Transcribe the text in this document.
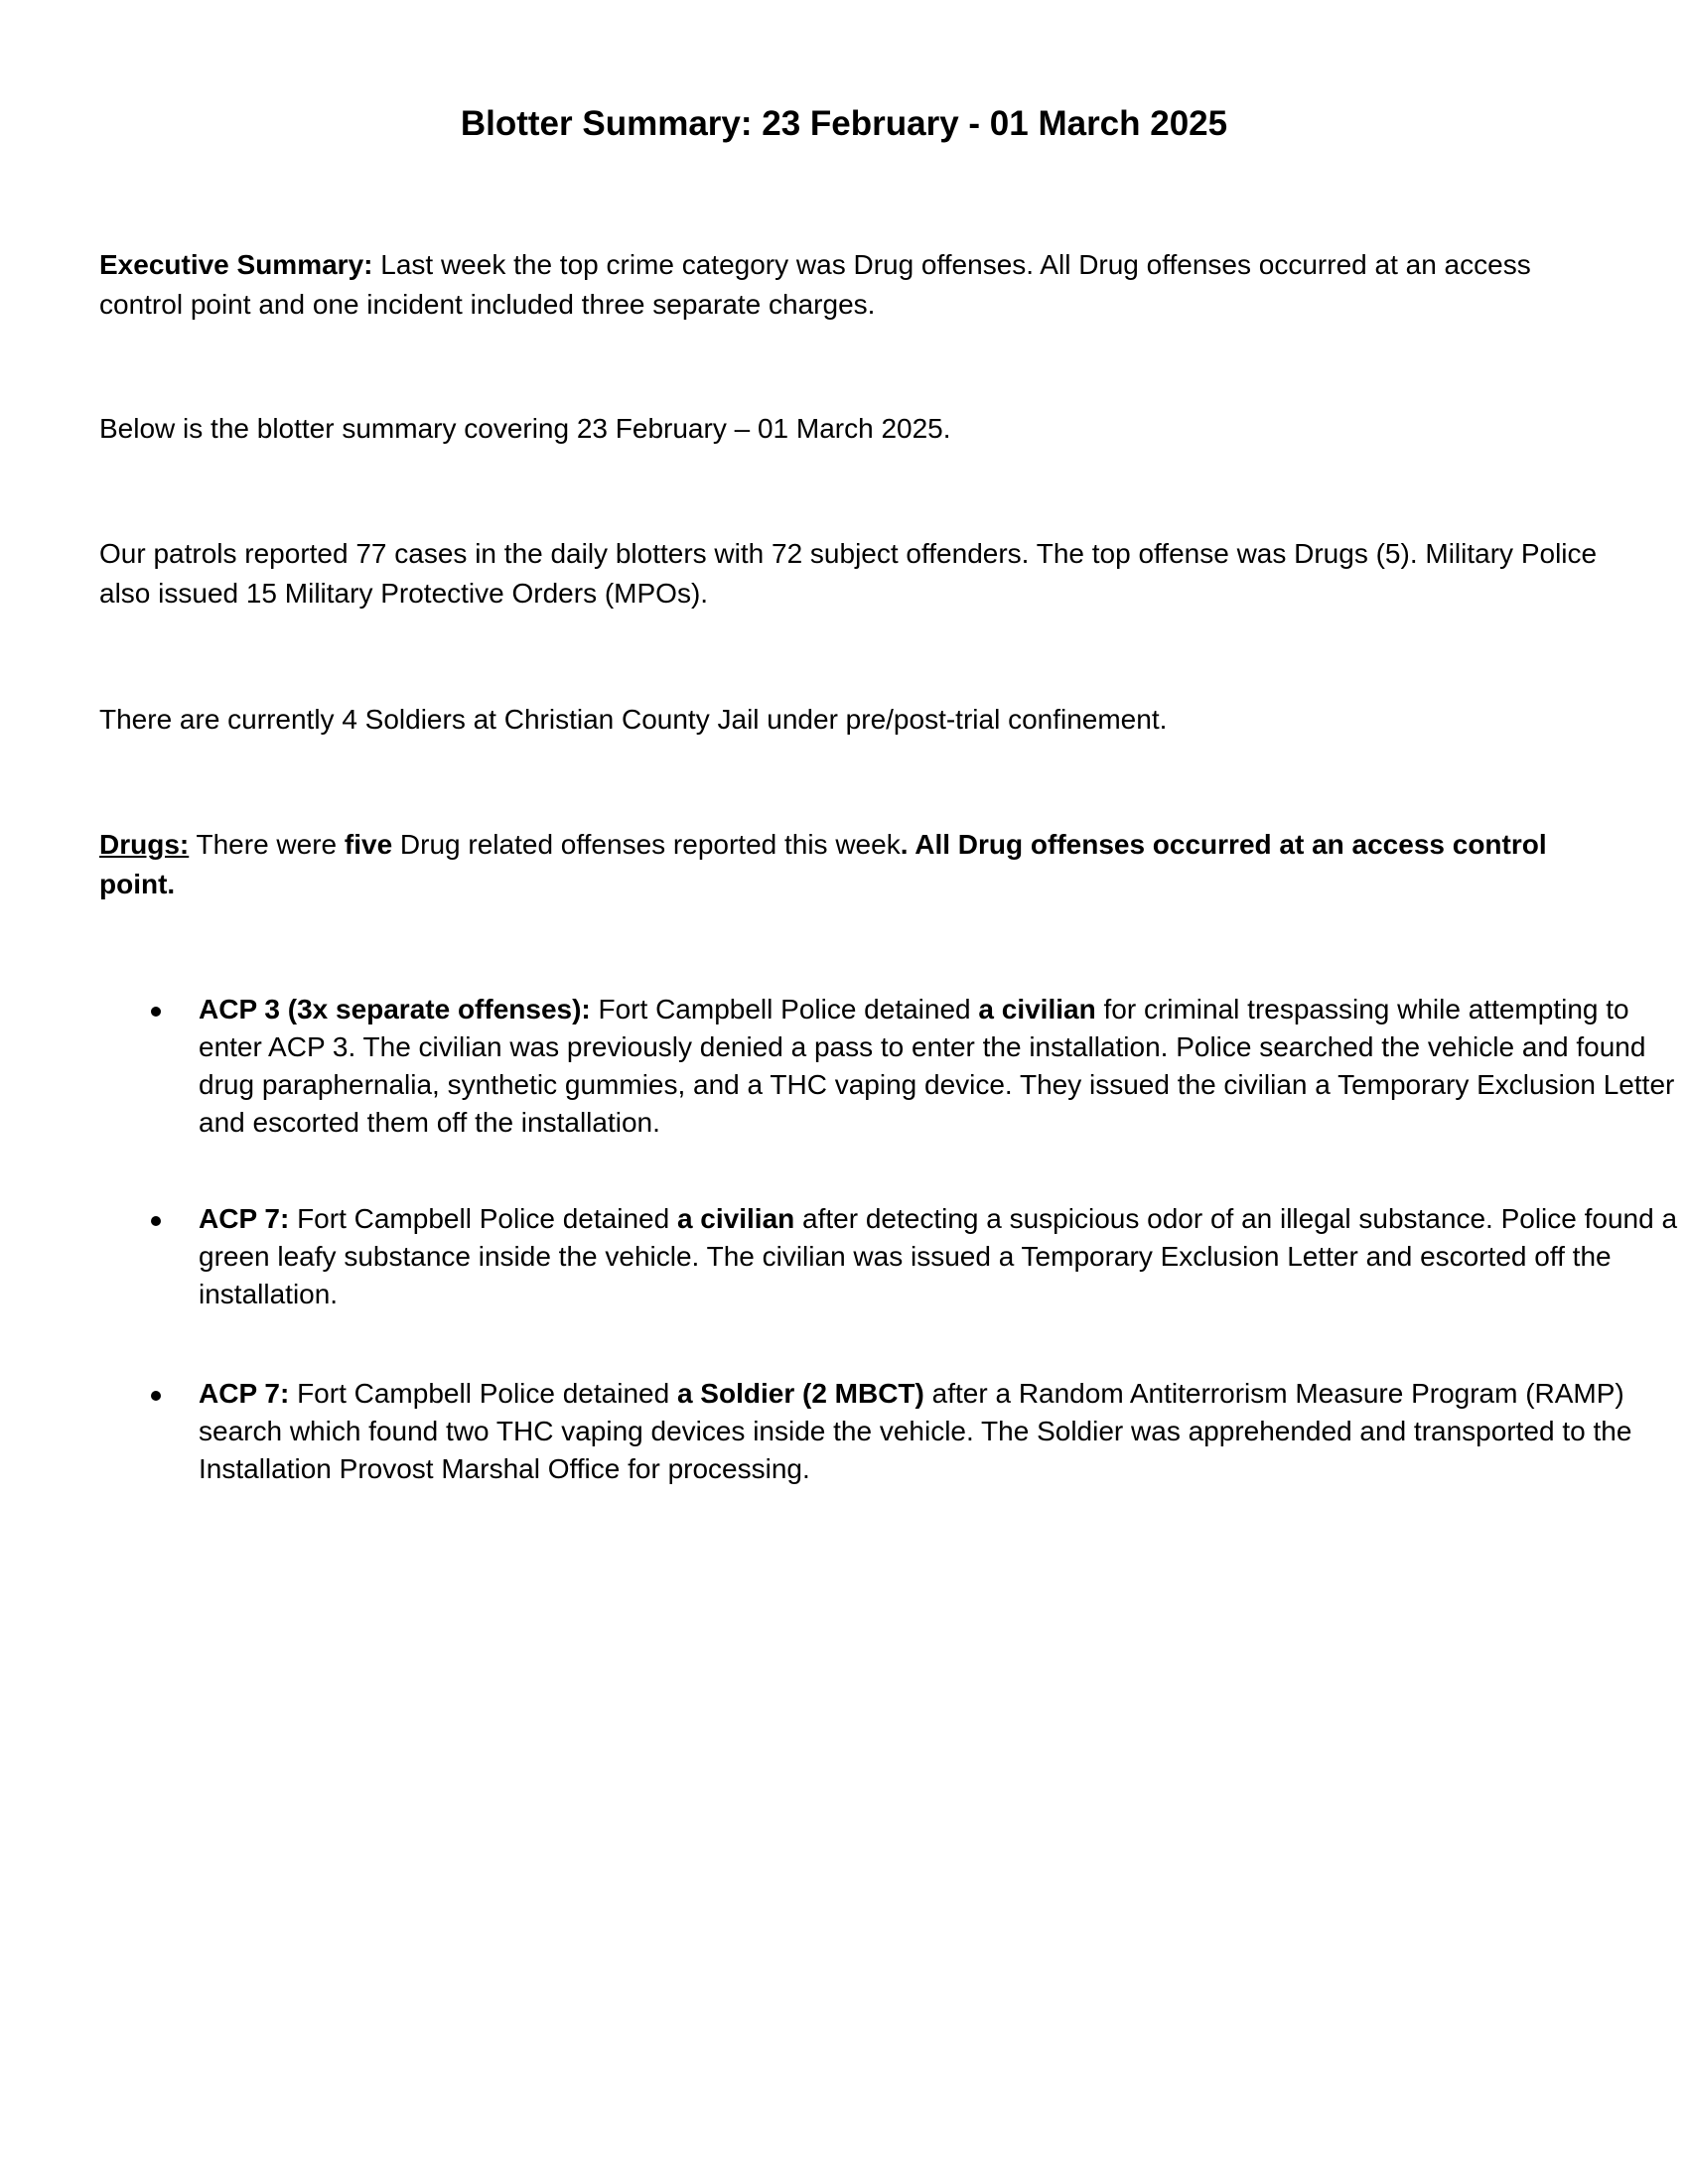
Blotter Summary: 23 February - 01 March 2025

Executive Summary: Last week the top crime category was Drug offenses. All Drug offenses occurred at an access control point and one incident included three separate charges.

Below is the blotter summary covering 23 February – 01 March 2025.

Our patrols reported 77 cases in the daily blotters with 72 subject offenders. The top offense was Drugs (5). Military Police also issued 15 Military Protective Orders (MPOs).

There are currently 4 Soldiers at Christian County Jail under pre/post-trial confinement.

Drugs: There were five Drug related offenses reported this week. All Drug offenses occurred at an access control point.

ACP 3 (3x separate offenses): Fort Campbell Police detained a civilian for criminal trespassing while attempting to enter ACP 3. The civilian was previously denied a pass to enter the installation. Police searched the vehicle and found drug paraphernalia, synthetic gummies, and a THC vaping device. They issued the civilian a Temporary Exclusion Letter and escorted them off the installation.

ACP 7: Fort Campbell Police detained a civilian after detecting a suspicious odor of an illegal substance. Police found a green leafy substance inside the vehicle. The civilian was issued a Temporary Exclusion Letter and escorted off the installation.

ACP 7: Fort Campbell Police detained a Soldier (2 MBCT) after a Random Antiterrorism Measure Program (RAMP) search which found two THC vaping devices inside the vehicle. The Soldier was apprehended and transported to the Installation Provost Marshal Office for processing.
